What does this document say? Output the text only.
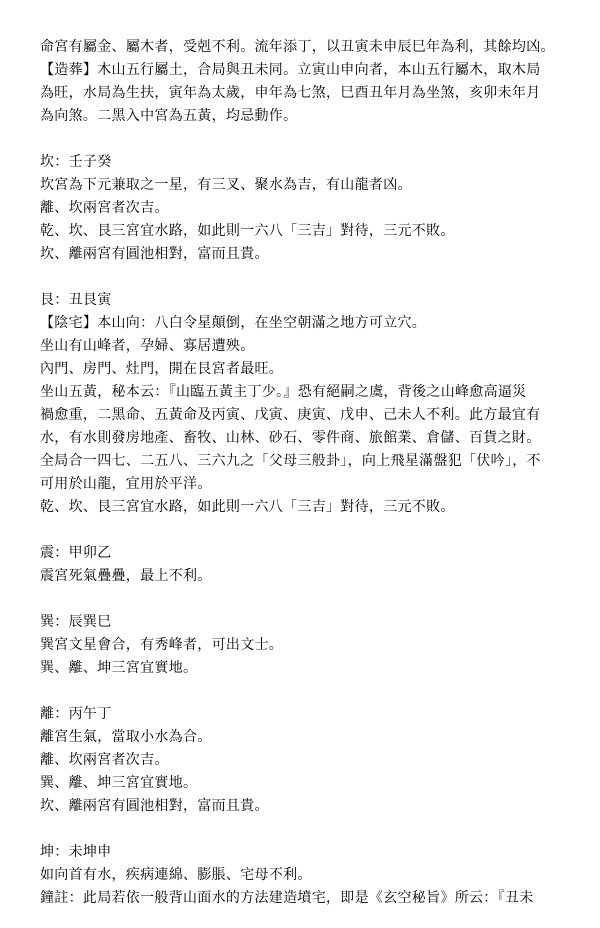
命宮有屬金、屬木者，受剋不利。流年添丁，以丑寅未申辰巳年為利，其餘均凶。
【造葬】木山五行屬土，合局與丑未同。立寅山申向者，本山五行屬木，取木局
為旺，水局為生扶，寅年為太歲，申年為七煞，巳酉丑年月為坐煞，亥卯未年月
為向煞。二黑入中宮為五黃，均忌動作。
坎：壬子癸
坎宮為下元兼取之一星，有三叉、聚水為吉，有山龍者凶。
離、坎兩宮者次吉。
乾、坎、艮三宮宜水路，如此則一六八「三吉」對待，三元不敗。
坎、離兩宮有圓池相對，富而且貴。
艮：丑艮寅
【陰宅】本山向：八白令星顛倒，在坐空朝滿之地方可立穴。
坐山有山峰者，孕婦、寡居遭殃。
內門、房門、灶門，開在艮宮者最旺。
坐山五黃，秘本云：『山臨五黃主丁少。』恐有絕嗣之虞，背後之山峰愈高逼災
禍愈重，二黑命、五黃命及丙寅、戊寅、庚寅、戊申、己未人不利。此方最宜有
水，有水則發房地產、畜牧、山林、砂石、零件商、旅館業、倉儲、百貨之財。
全局合一四七、二五八、三六九之「父母三般卦」，向上飛星滿盤犯「伏吟」，不
可用於山龍，宜用於平洋。
乾、坎、艮三宮宜水路，如此則一六八「三吉」對待，三元不敗。
震：甲卯乙
震宮死氣疊疊，最上不利。
巽：辰巽巳
巽宮文星會合，有秀峰者，可出文士。
巽、離、坤三宮宜實地。
離：丙午丁
離宮生氣，當取小水為合。
離、坎兩宮者次吉。
巽、離、坤三宮宜實地。
坎、離兩宮有圓池相對，富而且貴。
坤：未坤申
如向首有水，疾病連綿、膨脹、宅母不利。
鐘註：此局若依一般背山面水的方法建造墳宅，即是《玄空秘旨》所云：『丑未
